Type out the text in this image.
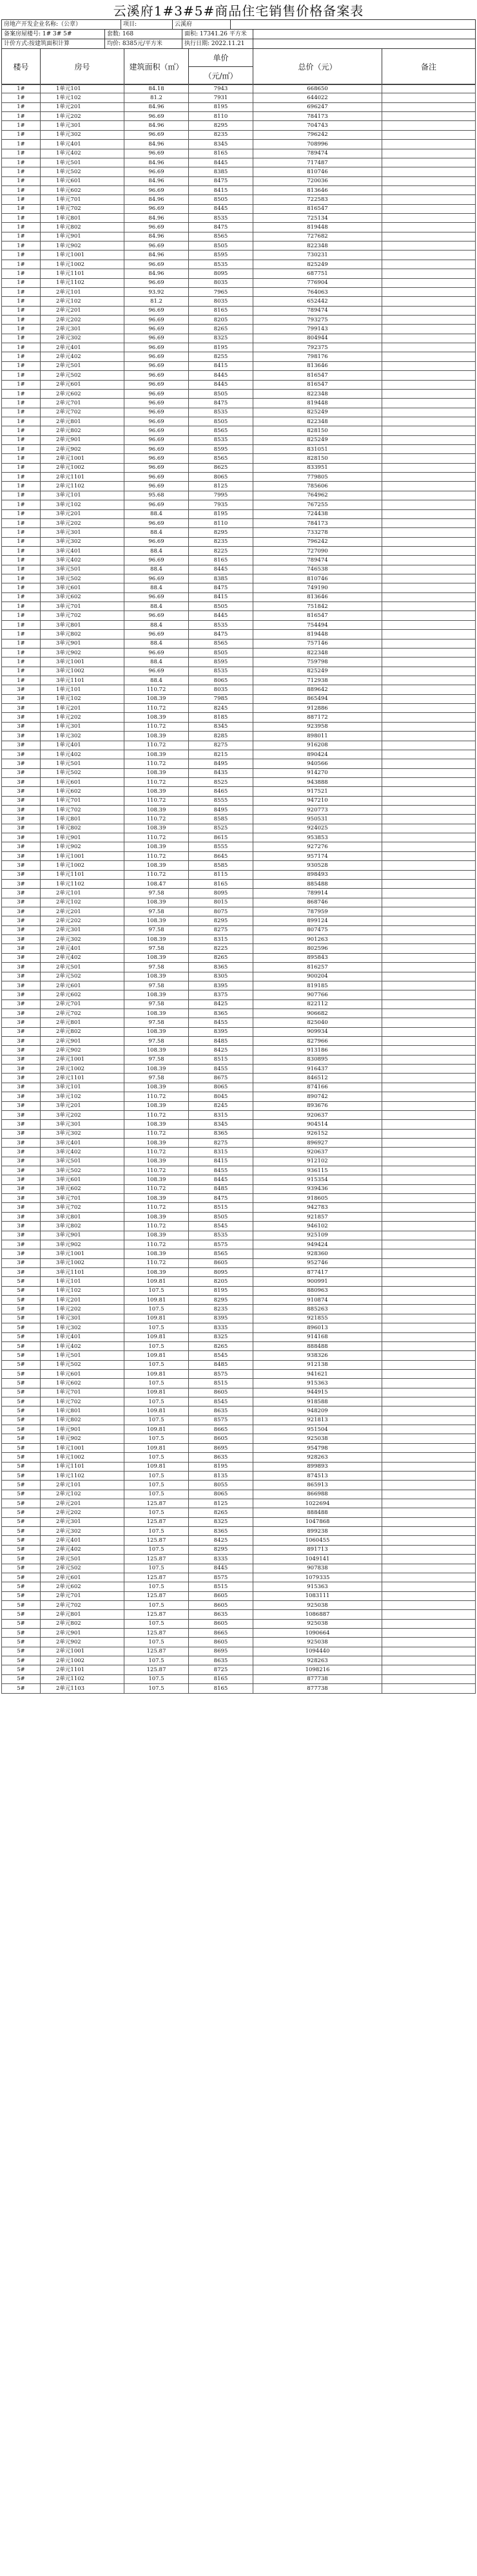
云溪府1#3#5#商品住宅销售价格备案表
房地产开发企业名称:（公章）	项目:	云溪府	
备案房屋楼号: 1# 3# 5#	套数: 168	面积: 17341.26 平方米	
计价方式:按建筑面积计算	均价: 8385元/平方米	执行日期: 2022.11.21	
楼号	房号	建筑面积（㎡）	单价	总价（元）	备注
（元/㎡）
1#	1单元101	84.18	7943	668650	
1#	1单元102	81.2	7931	644022	
1#	1单元201	84.96	8195	696247	
1#	1单元202	96.69	8110	784173	
1#	1单元301	84.96	8295	704743	
1#	1单元302	96.69	8235	796242	
1#	1单元401	84.96	8345	708996	
1#	1单元402	96.69	8165	789474	
1#	1单元501	84.96	8445	717487	
1#	1单元502	96.69	8385	810746	
1#	1单元601	84.96	8475	720036	
1#	1单元602	96.69	8415	813646	
1#	1单元701	84.96	8505	722583	
1#	1单元702	96.69	8445	816547	
1#	1单元801	84.96	8535	725134	
1#	1单元802	96.69	8475	819448	
1#	1单元901	84.96	8565	727682	
1#	1单元902	96.69	8505	822348	
1#	1单元1001	84.96	8595	730231	
1#	1单元1002	96.69	8535	825249	
1#	1单元1101	84.96	8095	687751	
1#	1单元1102	96.69	8035	776904	
1#	2单元101	93.92	7965	764063	
1#	2单元102	81.2	8035	652442	
1#	2单元201	96.69	8165	789474	
1#	2单元202	96.69	8205	793275	
1#	2单元301	96.69	8265	799143	
1#	2单元302	96.69	8325	804944	
1#	2单元401	96.69	8195	792375	
1#	2单元402	96.69	8255	798176	
1#	2单元501	96.69	8415	813646	
1#	2单元502	96.69	8445	816547	
1#	2单元601	96.69	8445	816547	
1#	2单元602	96.69	8505	822348	
1#	2单元701	96.69	8475	819448	
1#	2单元702	96.69	8535	825249	
1#	2单元801	96.69	8505	822348	
1#	2单元802	96.69	8565	828150	
1#	2单元901	96.69	8535	825249	
1#	2单元902	96.69	8595	831051	
1#	2单元1001	96.69	8565	828150	
1#	2单元1002	96.69	8625	833951	
1#	2单元1101	96.69	8065	779805	
1#	2单元1102	96.69	8125	785606	
1#	3单元101	95.68	7995	764962	
1#	3单元102	96.69	7935	767255	
1#	3单元201	88.4	8195	724438	
1#	3单元202	96.69	8110	784173	
1#	3单元301	88.4	8295	733278	
1#	3单元302	96.69	8235	796242	
1#	3单元401	88.4	8225	727090	
1#	3单元402	96.69	8165	789474	
1#	3单元501	88.4	8445	746538	
1#	3单元502	96.69	8385	810746	
1#	3单元601	88.4	8475	749190	
1#	3单元602	96.69	8415	813646	
1#	3单元701	88.4	8505	751842	
1#	3单元702	96.69	8445	816547	
1#	3单元801	88.4	8535	754494	
1#	3单元802	96.69	8475	819448	
1#	3单元901	88.4	8565	757146	
1#	3单元902	96.69	8505	822348	
1#	3单元1001	88.4	8595	759798	
1#	3单元1002	96.69	8535	825249	
1#	3单元1101	88.4	8065	712938	
3#	1单元101	110.72	8035	889642	
3#	1单元102	108.39	7985	865494	
3#	1单元201	110.72	8245	912886	
3#	1单元202	108.39	8185	887172	
3#	1单元301	110.72	8345	923958	
3#	1单元302	108.39	8285	898011	
3#	1单元401	110.72	8275	916208	
3#	1单元402	108.39	8215	890424	
3#	1单元501	110.72	8495	940566	
3#	1单元502	108.39	8435	914270	
3#	1单元601	110.72	8525	943888	
3#	1单元602	108.39	8465	917521	
3#	1单元701	110.72	8555	947210	
3#	1单元702	108.39	8495	920773	
3#	1单元801	110.72	8585	950531	
3#	1单元802	108.39	8525	924025	
3#	1单元901	110.72	8615	953853	
3#	1单元902	108.39	8555	927276	
3#	1单元1001	110.72	8645	957174	
3#	1单元1002	108.39	8585	930528	
3#	1单元1101	110.72	8115	898493	
3#	1单元1102	108.47	8165	885488	
3#	2单元101	97.58	8095	789914	
3#	2单元102	108.39	8015	868746	
3#	2单元201	97.58	8075	787959	
3#	2单元202	108.39	8295	899124	
3#	2单元301	97.58	8275	807475	
3#	2单元302	108.39	8315	901263	
3#	2单元401	97.58	8225	802596	
3#	2单元402	108.39	8265	895843	
3#	2单元501	97.58	8365	816257	
3#	2单元502	108.39	8305	900204	
3#	2单元601	97.58	8395	819185	
3#	2单元602	108.39	8375	907766	
3#	2单元701	97.58	8425	822112	
3#	2单元702	108.39	8365	906682	
3#	2单元801	97.58	8455	825040	
3#	2单元802	108.39	8395	909934	
3#	2单元901	97.58	8485	827966	
3#	2单元902	108.39	8425	913186	
3#	2单元1001	97.58	8515	830895	
3#	2单元1002	108.39	8455	916437	
3#	2单元1101	97.58	8675	846512	
3#	3单元101	108.39	8065	874166	
3#	3单元102	110.72	8045	890742	
3#	3单元201	108.39	8245	893676	
3#	3单元202	110.72	8315	920637	
3#	3单元301	108.39	8345	904514	
3#	3单元302	110.72	8365	926152	
3#	3单元401	108.39	8275	896927	
3#	3单元402	110.72	8315	920637	
3#	3单元501	108.39	8415	912102	
3#	3单元502	110.72	8455	936115	
3#	3单元601	108.39	8445	915354	
3#	3单元602	110.72	8485	939436	
3#	3单元701	108.39	8475	918605	
3#	3单元702	110.72	8515	942783	
3#	3单元801	108.39	8505	921857	
3#	3单元802	110.72	8545	946102	
3#	3单元901	108.39	8535	925109	
3#	3单元902	110.72	8575	949424	
3#	3单元1001	108.39	8565	928360	
3#	3单元1002	110.72	8605	952746	
3#	3单元1101	108.39	8095	877417	
5#	1单元101	109.81	8205	900991	
5#	1单元102	107.5	8195	880963	
5#	1单元201	109.81	8295	910874	
5#	1单元202	107.5	8235	885263	
5#	1单元301	109.81	8395	921855	
5#	1单元302	107.5	8335	896013	
5#	1单元401	109.81	8325	914168	
5#	1单元402	107.5	8265	888488	
5#	1单元501	109.81	8545	938326	
5#	1单元502	107.5	8485	912138	
5#	1单元601	109.81	8575	941621	
5#	1单元602	107.5	8515	915363	
5#	1单元701	109.81	8605	944915	
5#	1单元702	107.5	8545	918588	
5#	1单元801	109.81	8635	948209	
5#	1单元802	107.5	8575	921813	
5#	1单元901	109.81	8665	951504	
5#	1单元902	107.5	8605	925038	
5#	1单元1001	109.81	8695	954798	
5#	1单元1002	107.5	8635	928263	
5#	1单元1101	109.81	8195	899893	
5#	1单元1102	107.5	8135	874513	
5#	2单元101	107.5	8055	865913	
5#	2单元102	107.5	8065	866988	
5#	2单元201	125.87	8125	1022694	
5#	2单元202	107.5	8265	888488	
5#	2单元301	125.87	8325	1047868	
5#	2单元302	107.5	8365	899238	
5#	2单元401	125.87	8425	1060455	
5#	2单元402	107.5	8295	891713	
5#	2单元501	125.87	8335	1049141	
5#	2单元502	107.5	8445	907838	
5#	2单元601	125.87	8575	1079335	
5#	2单元602	107.5	8515	915363	
5#	2单元701	125.87	8605	1083111	
5#	2单元702	107.5	8605	925038	
5#	2单元801	125.87	8635	1086887	
5#	2单元802	107.5	8605	925038	
5#	2单元901	125.87	8665	1090664	
5#	2单元902	107.5	8605	925038	
5#	2单元1001	125.87	8695	1094440	
5#	2单元1002	107.5	8635	928263	
5#	2单元1101	125.87	8725	1098216	
5#	2单元1102	107.5	8165	877738	
5#	2单元1103	107.5	8165	877738	
